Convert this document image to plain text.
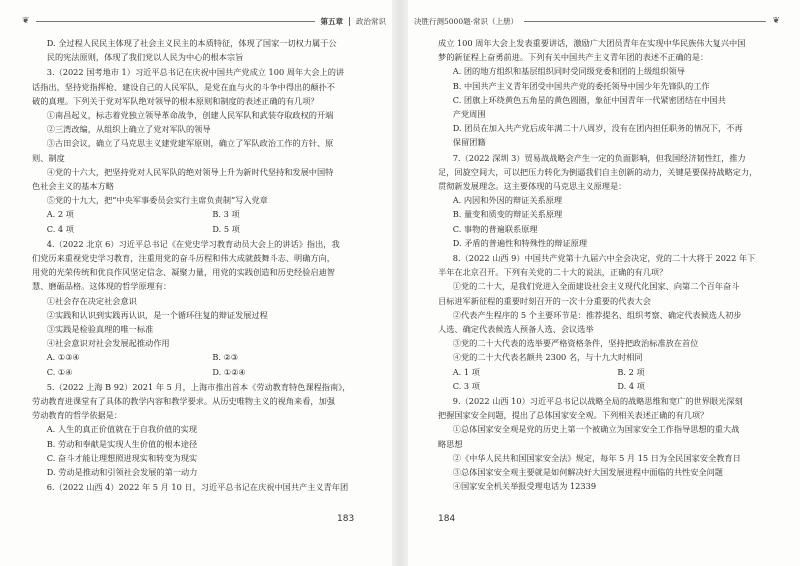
❦	第五章 政治常识	决胜行测5000题·常识（上册）	❦

D. 全过程人民民主体现了社会主义民主的本质特征，体现了国家一切权力属于公

民的宪法原则，体现了我们党以人民为中心的根本宗旨

3.（2022 国考地市 1）习近平总书记在庆祝中国共产党成立 100 周年大会上的讲

话指出，坚持党指挥枪、建设自己的人民军队，是党在血与火的斗争中得出的颠扑不

破的真理。下列关于党对军队绝对领导的根本原则和制度的表述正确的有几项？

①南昌起义，标志着党独立领导革命战争，创建人民军队和武装夺取政权的开端

②三湾改编，从组织上确立了党对军队的领导

③古田会议，确立了马克思主义建党建军原则，确立了军队政治工作的方针、原

则、制度

④党的十六大，把坚持党对人民军队的绝对领导上升为新时代坚持和发展中国特

色社会主义的基本方略

⑤党的十九大，把“中央军事委员会实行主席负责制”写入党章

A. 2 项	B. 3 项
C. 4 项	D. 5 项

4.（2022 北京 6）习近平总书记《在党史学习教育动员大会上的讲话》指出，我

们党历来重视党史学习教育，注重用党的奋斗历程和伟大成就鼓舞斗志、明确方向，

用党的光荣传统和优良作风坚定信念、凝聚力量，用党的实践创造和历史经验启迪智

慧、磨砺品格。这体现的哲学原理有：

①社会存在决定社会意识

②实践和认识到实践再认识，是一个循环往复的辩证发展过程

③实践是检验真理的唯一标准

④社会意识对社会发展起推动作用

A. ①③④	B. ②③
C. ①④	D. ①②④

5.（2022 上海 B 92）2021 年 5 月，上海市推出首本《劳动教育特色课程指南》，

劳动教育进课堂有了具体的教学内容和教学要求。从历史唯物主义的视角来看，加强

劳动教育的哲学依据是：

A. 人生的真正价值就在于自我价值的实现

B. 劳动和奉献是实现人生价值的根本途径

C. 奋斗才能让理想照进现实和转变为现实

D. 劳动是推动和引领社会发展的第一动力

6.（2022 山西 4）2022 年 5 月 10 日，习近平总书记在庆祝中国共产主义青年团

成立 100 周年大会上发表重要讲话，激励广大团员青年在实现中华民族伟大复兴中国

梦的新征程上奋勇前进。下列有关中国共产主义青年团的表述不正确的是：

A. 团的地方组织和基层组织同时受同级党委和团的上级组织领导

B. 中国共产主义青年团受中国共产党的委托领导中国少年先锋队的工作

C. 团旗上环绕黄色五角星的黄色圆圈，象征中国青年一代紧密团结在中国共

产党周围

D. 团员在加入共产党后成年满二十八周岁，没有在团内担任职务的情况下，不再

保留团籍

7.（2022 深圳 3）贸易战战略会产生一定的负面影响，但我国经济韧性红，推力

足，回旋空间大，可以把压力转化为倒逼我们自主创新的动力，关键是要保持战略定力，

贯彻新发展理念。这主要体现的马克思主义原理是：

A. 内因和外因的辩证关系原理

B. 量变和质变的辩证关系原理

C. 事物的普遍联系原理

D. 矛盾的普遍性和特殊性的辩证原理

8.（2022 山西 9）中国共产党第十九届六中全会决定，党的二十大将于 2022 年下

半年在北京召开。下列有关党的二十大的说法，正确的有几项？

①党的二十大，是我们党进入全面建设社会主义现代化国家、向第二个百年奋斗

目标进军新征程的重要时刻召开的一次十分重要的代表大会

②代表产生程序的 5 个主要环节是：推荐提名、组织考察、确定代表候选人初步

人选、确定代表候选人预备人选、会议选举

③党的二十大代表的选举要严格资格条件，坚持把政治标准放在首位

④党的二十大代表名额共 2300 名，与十九大时相同

A. 1 项	B. 2 项
C. 3 项	D. 4 项

9.（2022 山西 10）习近平总书记以战略全局的战略思维和宽广的世界眼光深刻

把握国家安全问题，提出了总体国家安全观。下列相关表述正确的有几项？

①总体国家安全观是党的历史上第一个被确立为国家安全工作指导思想的重大战

略思想

②《中华人民共和国国家安全法》规定，每年 5 月 15 日为全民国家安全教育日

③总体国家安全观主要就是如何解决好大国发展进程中面临的共性安全问题

④国家安全机关举报受理电话为 12339

183	184
